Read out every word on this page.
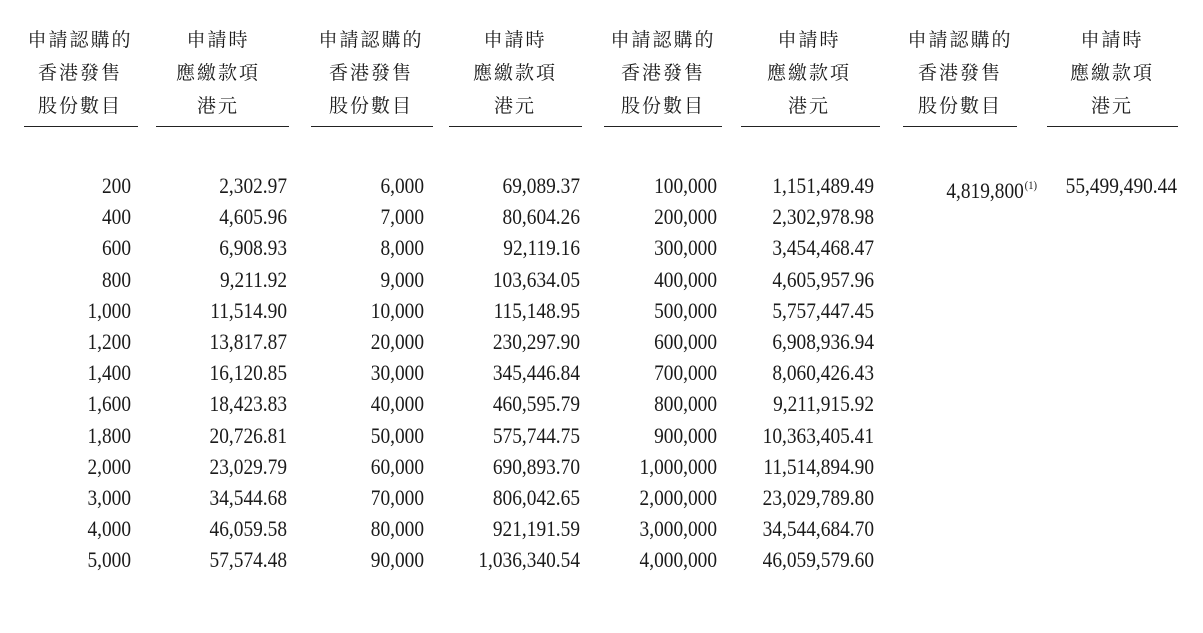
申請認購的
香港發售
股份數目
200
400
600
800
1,000
1,200
1,400
1,600
1,800
2,000
3,000
4,000
5,000
申請時
應繳款項
港元
2,302.97
4,605.96
6,908.93
9,211.92
11,514.90
13,817.87
16,120.85
18,423.83
20,726.81
23,029.79
34,544.68
46,059.58
57,574.48
申請認購的
香港發售
股份數目
6,000
7,000
8,000
9,000
10,000
20,000
30,000
40,000
50,000
60,000
70,000
80,000
90,000
申請時
應繳款項
港元
69,089.37
80,604.26
92,119.16
103,634.05
115,148.95
230,297.90
345,446.84
460,595.79
575,744.75
690,893.70
806,042.65
921,191.59
1,036,340.54
申請認購的
香港發售
股份數目
100,000
200,000
300,000
400,000
500,000
600,000
700,000
800,000
900,000
1,000,000
2,000,000
3,000,000
4,000,000
申請時
應繳款項
港元
1,151,489.49
2,302,978.98
3,454,468.47
4,605,957.96
5,757,447.45
6,908,936.94
8,060,426.43
9,211,915.92
10,363,405.41
11,514,894.90
23,029,789.80
34,544,684.70
46,059,579.60
申請認購的
香港發售
股份數目
4,819,800$^{(1)}$
申請時
應繳款項
港元
55,499,490.44
